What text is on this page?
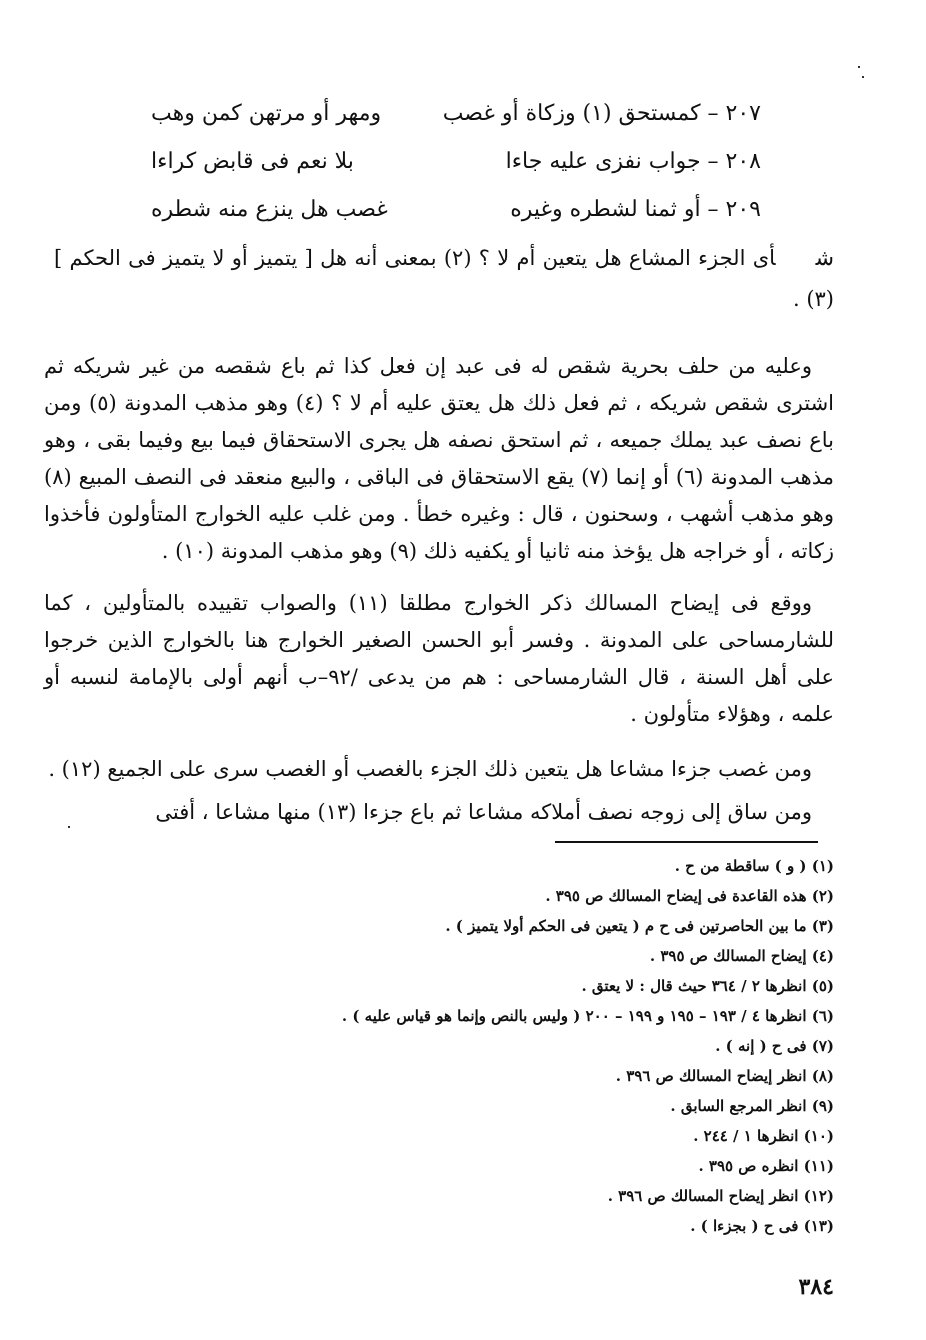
٢٠٧ – كمستحق (١) وزكاة أو غصب
ومهر أو مرتهن كمن وهب
٢٠٨ – جواب نفزى عليه جاءا
بلا نعم فى قابض كراءا
٢٠٩ – أو ثمنا لشطره وغيره
غصب هل ينزع منه شطره
شأى الجزء المشاع هل يتعين أم لا ؟ (٢) بمعنى أنه هل [ يتميز أو لا يتميز فى الحكم ] (٣) .

وعليه من حلف بحرية شقص له فى عبد إن فعل كذا ثم باع شقصه من غير شريكه ثم اشترى شقص شريكه ، ثم فعل ذلك هل يعتق عليه أم لا ؟ (٤) وهو مذهب المدونة (٥) ومن باع نصف عبد يملك جميعه ، ثم استحق نصفه هل يجرى الاستحقاق فيما بيع وفيما بقى ، وهو مذهب المدونة (٦) أو إنما (٧) يقع الاستحقاق فى الباقى ، والبيع منعقد فى النصف المبيع (٨) وهو مذهب أشهب ، وسحنون ، قال : وغيره خطأ . ومن غلب عليه الخوارج المتأولون فأخذوا زكاته ، أو خراجه هل يؤخذ منه ثانيا أو يكفيه ذلك (٩) وهو مذهب المدونة (١٠) .

ووقع فى إيضاح المسالك ذكر الخوارج مطلقا (١١) والصواب تقييده بالمتأولين ، كما للشارمساحى على المدونة . وفسر أبو الحسن الصغير الخوارج هنا بالخوارج الذين خرجوا على أهل السنة ، قال الشارمساحى : هم من يدعى /٩٢–ب أنهم أولى بالإمامة لنسبه أو علمه ، وهؤلاء متأولون .

ومن غصب جزءا مشاعا هل يتعين ذلك الجزء بالغصب أو الغصب سرى على الجميع (١٢) .

ومن ساق إلى زوجه نصف أملاكه مشاعا ثم باع جزءا (١٣) منها مشاعا ، أفتى

(١) ( و ) ساقطة من ح .
(٢) هذه القاعدة فى إيضاح المسالك ص ٣٩٥ .
(٣) ما بين الحاصرتين فى ح م ( يتعين فى الحكم أولا يتميز ) .
(٤) إيضاح المسالك ص ٣٩٥ .
(٥) انظرها ٢ / ٣٦٤ حيث قال : لا يعتق .
(٦) انظرها ٤ / ١٩٣ – ١٩٥ و ١٩٩ – ٢٠٠ ( وليس بالنص وإنما هو قياس عليه ) .
(٧) فى ح ( إنه ) .
(٨) انظر إيضاح المسالك ص ٣٩٦ .
(٩) انظر المرجع السابق .
(١٠) انظرها ١ / ٢٤٤ .
(١١) انظره ص ٣٩٥ .
(١٢) انظر إيضاح المسالك ص ٣٩٦ .
(١٣) فى ح ( بجزءا ) .
٣٨٤
